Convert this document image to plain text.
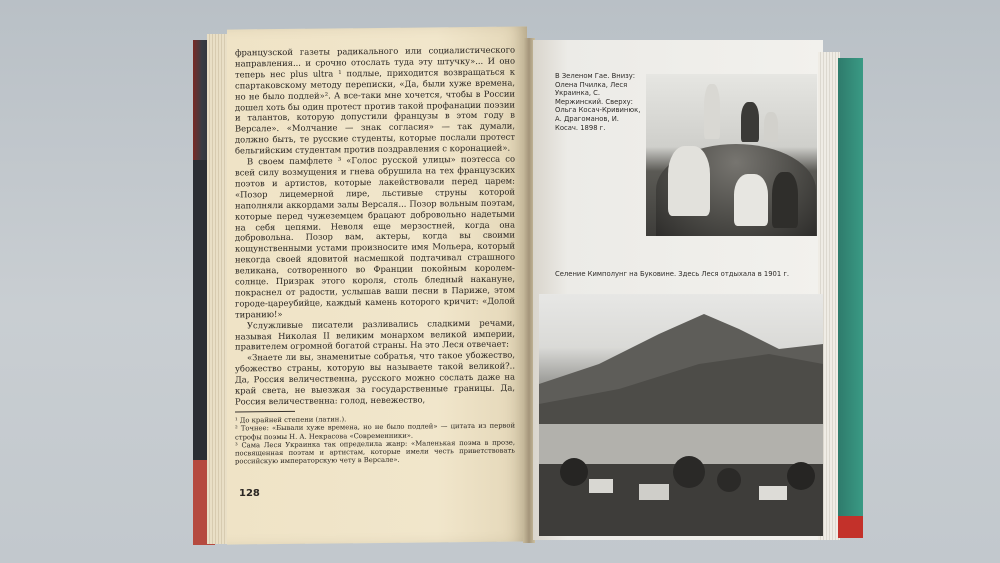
французской газеты радикального или социалистического направления... и срочно отослать туда эту штучку»... И оно теперь нес plus ultra ¹ подлые, приходится возвращаться к спартаковскому методу переписки, «Да, были хуже времена, но не было подлей»². А все-таки мне хочется, чтобы в России дошел хоть бы один протест против такой профанации поэзии и талантов, которую допустили французы в этом году в Версале». «Молчание — знак согласия» — так думали, должно быть, те русские студенты, которые послали протест бельгийским студентам против поздравления с коронацией».

В своем памфлете ³ «Голос русской улицы» поэтесса со всей силу возмущения и гнева обрушила на тех французских поэтов и артистов, которые лакействовали перед царем: «Позор лицемерной лире, льстивые струны которой наполняли аккордами залы Версаля... Позор вольным поэтам, которые перед чужеземцем брацают добровольно надетыми на себя цепями. Неволя еще мерзостней, когда она добровольна. Позор вам, актеры, когда вы своими кощунственными устами произносите имя Мольера, который некогда своей ядовитой насмешкой подтачивал страшного великана, сотворенного во Франции покойным королем-солнце. Призрак этого короля, столь бледный накануне, покраснел от радости, услышав ваши песни в Париже, этом городе-цареубийце, каждый камень которого кричит: «Долой тиранию!»

Услужливые писатели разливались сладкими речами, называя Николая II великим монархом великой империи, правителем огромной богатой страны. На это Леся отвечает:

«Знаете ли вы, знаменитые собратья, что такое убожество, убожество страны, которую вы называете такой великой?.. Да, Россия величественна, русского можно сослать даже на край света, не выезжая за государственные границы. Да, Россия величественна: голод, невежество,

¹ До крайней степени (латин.).

² Точнее: «Бывали хуже времена, но не было подлей» — цитата из первой строфы поэмы Н. А. Некрасова «Современники».

³ Сама Леся Украинка так определила жанр: «Маленькая поэма в прозе, посвященная поэтам и артистам, которые имели честь приветствовать российскую императорскую чету в Версале».

128
В Зеленом Гае. Внизу: Олена Пчилка, Леся Украинка, С. Мержинский. Сверху: Ольга Косач-Кривинюк, А. Драгоманов, И. Косач. 1898 г.
Селение Кимполунг на Буковине. Здесь Леся отдыхала в 1901 г.
